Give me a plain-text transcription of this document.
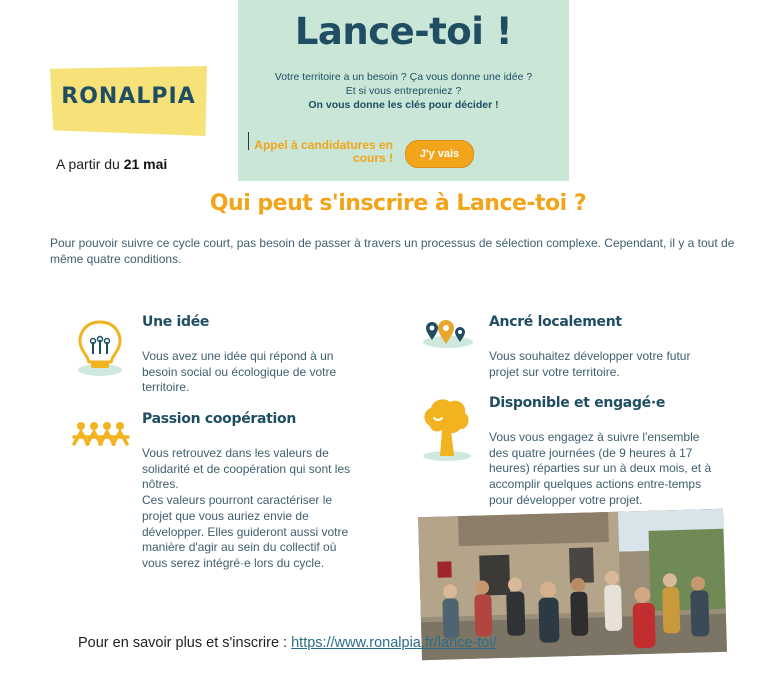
RONALPIA
A partir du 21 mai
Lance-toi !
Votre territoire a un besoin ? Ça vous donne une idée ?
Et si vous entrepreniez ?
On vous donne les clés pour décider !
Appel à candidatures en cours !	J'y vais
Qui peut s'inscrire à Lance-toi ?
Pour pouvoir suivre ce cycle court, pas besoin de passer à travers un processus de sélection complexe. Cependant, il y a tout de même quatre conditions.
Une idée
Vous avez une idée qui répond à un
besoin social ou écologique de votre
territoire.
Passion coopération
Vous retrouvez dans les valeurs de
solidarité et de coopération qui sont les
nôtres.
Ces valeurs pourront caractériser le
projet que vous auriez envie de
développer. Elles guideront aussi votre
manière d'agir au sein du collectif où
vous serez intégré·e lors du cycle.
Ancré localement
Vous souhaitez développer votre futur
projet sur votre territoire.
Disponible et engagé·e
Vous vous engagez à suivre l'ensemble
des quatre journées (de 9 heures à 17
heures) réparties sur un à deux mois, et à
accomplir quelques actions entre-temps
pour développer votre projet.
Pour en savoir plus et s'inscrire : https://www.ronalpia.fr/lance-toi/
